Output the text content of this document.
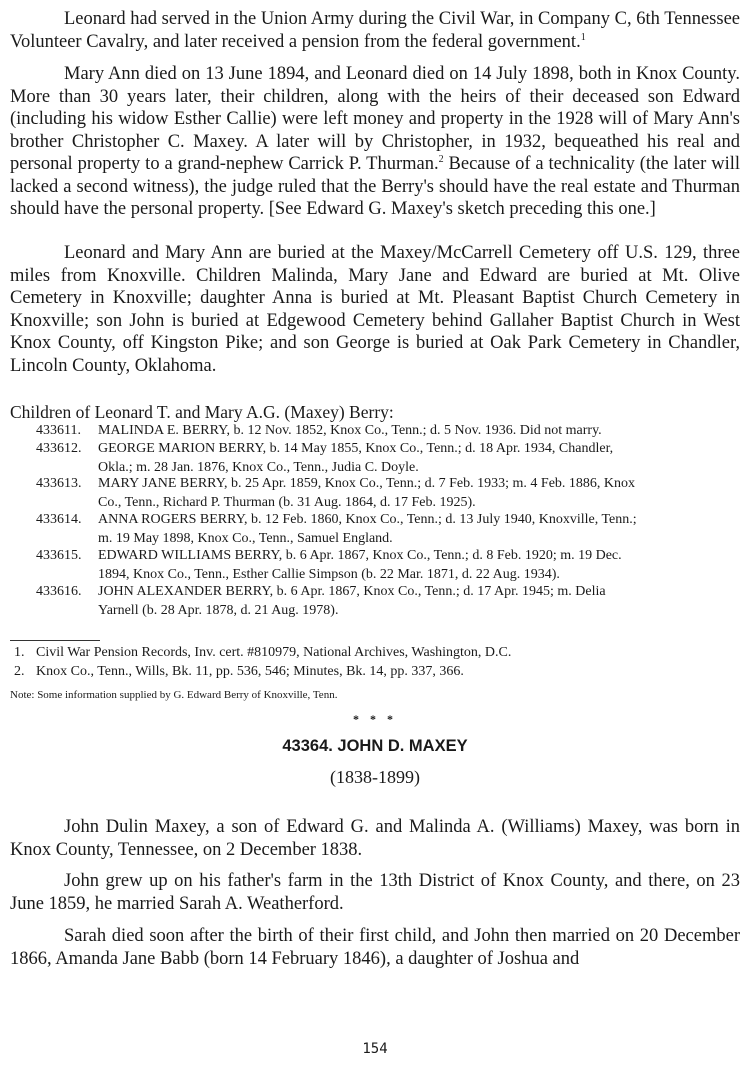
Leonard had served in the Union Army during the Civil War, in Company C, 6th Tennessee Volunteer Cavalry, and later received a pension from the federal government.$^1$

Mary Ann died on 13 June 1894, and Leonard died on 14 July 1898, both in Knox County. More than 30 years later, their children, along with the heirs of their deceased son Edward (including his widow Esther Callie) were left money and property in the 1928 will of Mary Ann's brother Christopher C. Maxey. A later will by Christopher, in 1932, bequeathed his real and personal property to a grand-nephew Carrick P. Thurman.$^2$ Because of a technicality (the later will lacked a second witness), the judge ruled that the Berry's should have the real estate and Thurman should have the personal property. [See Edward G. Maxey's sketch preceding this one.]

Leonard and Mary Ann are buried at the Maxey/McCarrell Cemetery off U.S. 129, three miles from Knoxville. Children Malinda, Mary Jane and Edward are buried at Mt. Olive Cemetery in Knoxville; daughter Anna is buried at Mt. Pleasant Baptist Church Cemetery in Knoxville; son John is buried at Edgewood Cemetery behind Gallaher Baptist Church in West Knox County, off Kingston Pike; and son George is buried at Oak Park Cemetery in Chandler, Lincoln County, Oklahoma.

Children of Leonard T. and Mary A.G. (Maxey) Berry:
433611. MALINDA E. BERRY, b. 12 Nov. 1852, Knox Co., Tenn.; d. 5 Nov. 1936. Did not marry.
433612. GEORGE MARION BERRY, b. 14 May 1855, Knox Co., Tenn.; d. 18 Apr. 1934, Chandler,
Okla.; m. 28 Jan. 1876, Knox Co., Tenn., Judia C. Doyle.
433613. MARY JANE BERRY, b. 25 Apr. 1859, Knox Co., Tenn.; d. 7 Feb. 1933; m. 4 Feb. 1886, Knox
Co., Tenn., Richard P. Thurman (b. 31 Aug. 1864, d. 17 Feb. 1925).
433614. ANNA ROGERS BERRY, b. 12 Feb. 1860, Knox Co., Tenn.; d. 13 July 1940, Knoxville, Tenn.;
m. 19 May 1898, Knox Co., Tenn., Samuel England.
433615. EDWARD WILLIAMS BERRY, b. 6 Apr. 1867, Knox Co., Tenn.; d. 8 Feb. 1920; m. 19 Dec.
1894, Knox Co., Tenn., Esther Callie Simpson (b. 22 Mar. 1871, d. 22 Aug. 1934).
433616. JOHN ALEXANDER BERRY, b. 6 Apr. 1867, Knox Co., Tenn.; d. 17 Apr. 1945; m. Delia
Yarnell (b. 28 Apr. 1878, d. 21 Aug. 1978).
1. Civil War Pension Records, Inv. cert. #810979, National Archives, Washington, D.C.
2. Knox Co., Tenn., Wills, Bk. 11, pp. 536, 546; Minutes, Bk. 14, pp. 337, 366.
Note: Some information supplied by G. Edward Berry of Knoxville, Tenn.
* * *
43364. JOHN D. MAXEY
(1838-1899)

John Dulin Maxey, a son of Edward G. and Malinda A. (Williams) Maxey, was born in Knox County, Tennessee, on 2 December 1838.

John grew up on his father's farm in the 13th District of Knox County, and there, on 23 June 1859, he married Sarah A. Weatherford.

Sarah died soon after the birth of their first child, and John then married on 20 December 1866, Amanda Jane Babb (born 14 February 1846), a daughter of Joshua and

154
